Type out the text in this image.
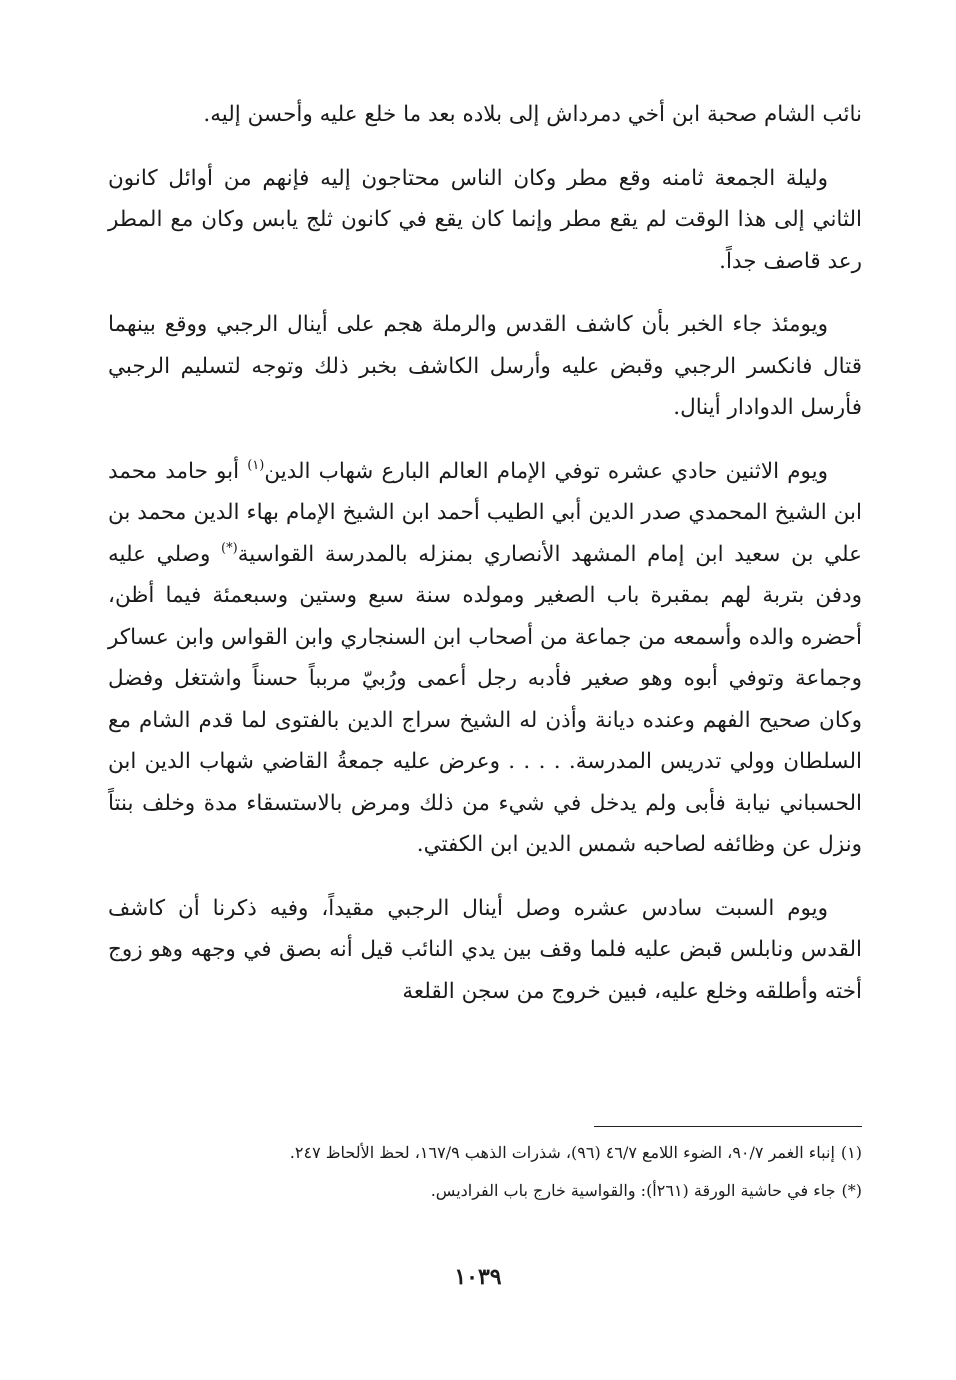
نائب الشام صحبة ابن أخي دمرداش إلى بلاده بعد ما خلع عليه وأحسن إليه.

وليلة الجمعة ثامنه وقع مطر وكان الناس محتاجون إليه فإنهم من أوائل كانون الثاني إلى هذا الوقت لم يقع مطر وإنما كان يقع في كانون ثلج يابس وكان مع المطر رعد قاصف جداً.

ويومئذ جاء الخبر بأن كاشف القدس والرملة هجم على أينال الرجبي ووقع بينهما قتال فانكسر الرجبي وقبض عليه وأرسل الكاشف بخبر ذلك وتوجه لتسليم الرجبي فأرسل الدوادار أينال.

ويوم الاثنين حادي عشره توفي الإمام العالم البارع شهاب الدين$^{(١)}$ أبو حامد محمد ابن الشيخ المحمدي صدر الدين أبي الطيب أحمد ابن الشيخ الإمام بهاء الدين محمد بن علي بن سعيد ابن إمام المشهد الأنصاري بمنزله بالمدرسة القواسية(*) وصلي عليه ودفن بتربة لهم بمقبرة باب الصغير ومولده سنة سبع وستين وسبعمئة فيما أظن، أحضره والده وأسمعه من جماعة من أصحاب ابن السنجاري وابن القواس وابن عساكر وجماعة وتوفي أبوه وهو صغير فأدبه رجل أعمى ورُبيّ مربباً حسناً واشتغل وفضل وكان صحيح الفهم وعنده ديانة وأذن له الشيخ سراج الدين بالفتوى لما قدم الشام مع السلطان وولي تدريس المدرسة. . . . . وعرض عليه جمعةُ القاضي شهاب الدين ابن الحسباني نيابة فأبى ولم يدخل في شيء من ذلك ومرض بالاستسقاء مدة وخلف بنتاً ونزل عن وظائفه لصاحبه شمس الدين ابن الكفتي.

ويوم السبت سادس عشره وصل أينال الرجبي مقيداً، وفيه ذكرنا أن كاشف القدس ونابلس قبض عليه فلما وقف بين يدي النائب قيل أنه بصق في وجهه وهو زوج أخته وأطلقه وخلع عليه، فبين خروج من سجن القلعة

(١)إنباء الغمر ٩٠/٧، الضوء اللامع ٤٦/٧ (٩٦)، شذرات الذهب ١٦٧/٩، لحظ الألحاظ ٢٤٧.

(*)جاء في حاشية الورقة (٢٦١أ): والقواسية خارج باب الفراديس.

١٠٣٩
